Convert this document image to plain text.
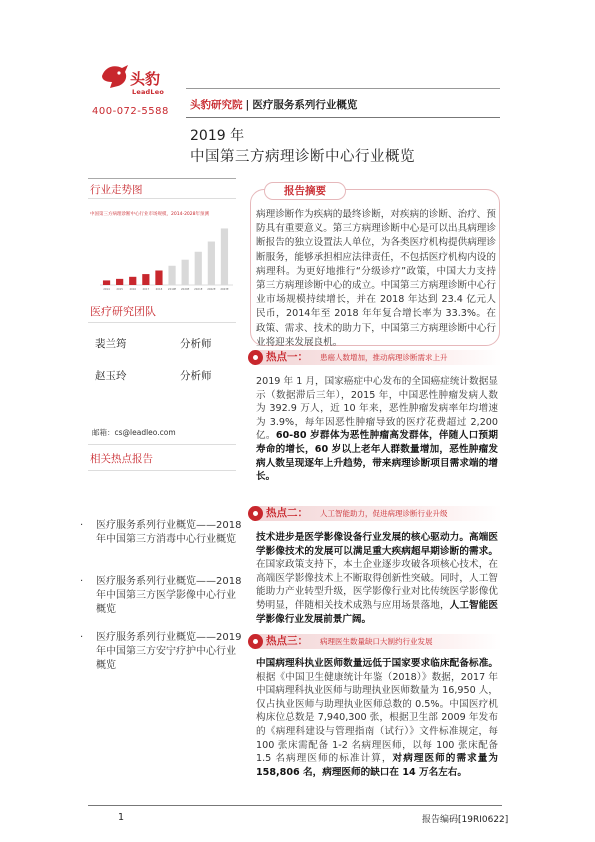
头豹
LeadLeo
400-072-5588
头豹研究院 | 医疗服务系列行业概览
2019 年
中国第三方病理诊断中心行业概览
行业走势图
中国第三方病理诊断中心行业市场规模，2014-2028年预测
2014 2015 2016 2017 2018 2019E 2020E 2021E 2022E 2023E
医疗研究团队
裴兰筠	分析师
赵玉玲	分析师
邮箱：cs@leadleo.com
相关热点报告
·	医疗服务系列行业概览——2018 年中国第三方消毒中心行业概览
·	医疗服务系列行业概览——2018 年中国第三方医学影像中心行业概览
·	医疗服务系列行业概览——2019 年中国第三方安宁疗护中心行业概览
报告摘要
病理诊断作为疾病的最终诊断，对疾病的诊断、治疗、预防具有重要意义。第三方病理诊断中心是可以出具病理诊断报告的独立设置法人单位，为各类医疗机构提供病理诊断服务，能够承担相应法律责任，不包括医疗机构内设的病理科。为更好地推行“分级诊疗”政策，中国大力支持第三方病理诊断中心的成立。中国第三方病理诊断中心行业市场规模持续增长，并在 2018 年达到 23.4 亿元人民币，2014年至 2018 年年复合增长率为 33.3%。在政策、需求、技术的助力下，中国第三方病理诊断中心行业将迎来发展良机。
热点一： 患癌人数增加，推动病理诊断需求上升
2019 年 1 月，国家癌症中心发布的全国癌症统计数据显示（数据滞后三年），2015 年，中国恶性肿瘤发病人数为 392.9 万人，近 10 年来，恶性肿瘤发病率年均增速为 3.9%，每年因恶性肿瘤导致的医疗花费超过 2,200 亿。60-80 岁群体为恶性肿瘤高发群体，伴随人口预期寿命的增长，60 岁以上老年人群数量增加，恶性肿瘤发病人数呈现逐年上升趋势，带来病理诊断项目需求端的增长。
热点二： 人工智能助力，促进病理诊断行业升级
技术进步是医学影像设备行业发展的核心驱动力。高端医学影像技术的发展可以满足重大疾病超早期诊断的需求。在国家政策支持下，本土企业逐步攻破各项核心技术，在高端医学影像技术上不断取得创新性突破。同时，人工智能助力产业转型升级，医学影像行业对比传统医学影像优势明显，伴随相关技术成熟与应用场景落地，人工智能医学影像行业发展前景广阔。
热点三： 病理医生数量缺口大制约行业发展
中国病理科执业医师数量远低于国家要求临床配备标准。根据《中国卫生健康统计年鉴（2018）》数据，2017 年中国病理科执业医师与助理执业医师数量为 16,950 人，仅占执业医师与助理执业医师总数的 0.5%。中国医疗机构床位总数是 7,940,300 张，根据卫生部 2009 年发布的《病理科建设与管理指南（试行）》文件标准规定，每 100 张床需配备 1-2 名病理医师，以每 100 张床配备 1.5 名病理医师的标准计算，对病理医师的需求量为 158,806 名，病理医师的缺口在 14 万名左右。
1	报告编码[19RI0622]
